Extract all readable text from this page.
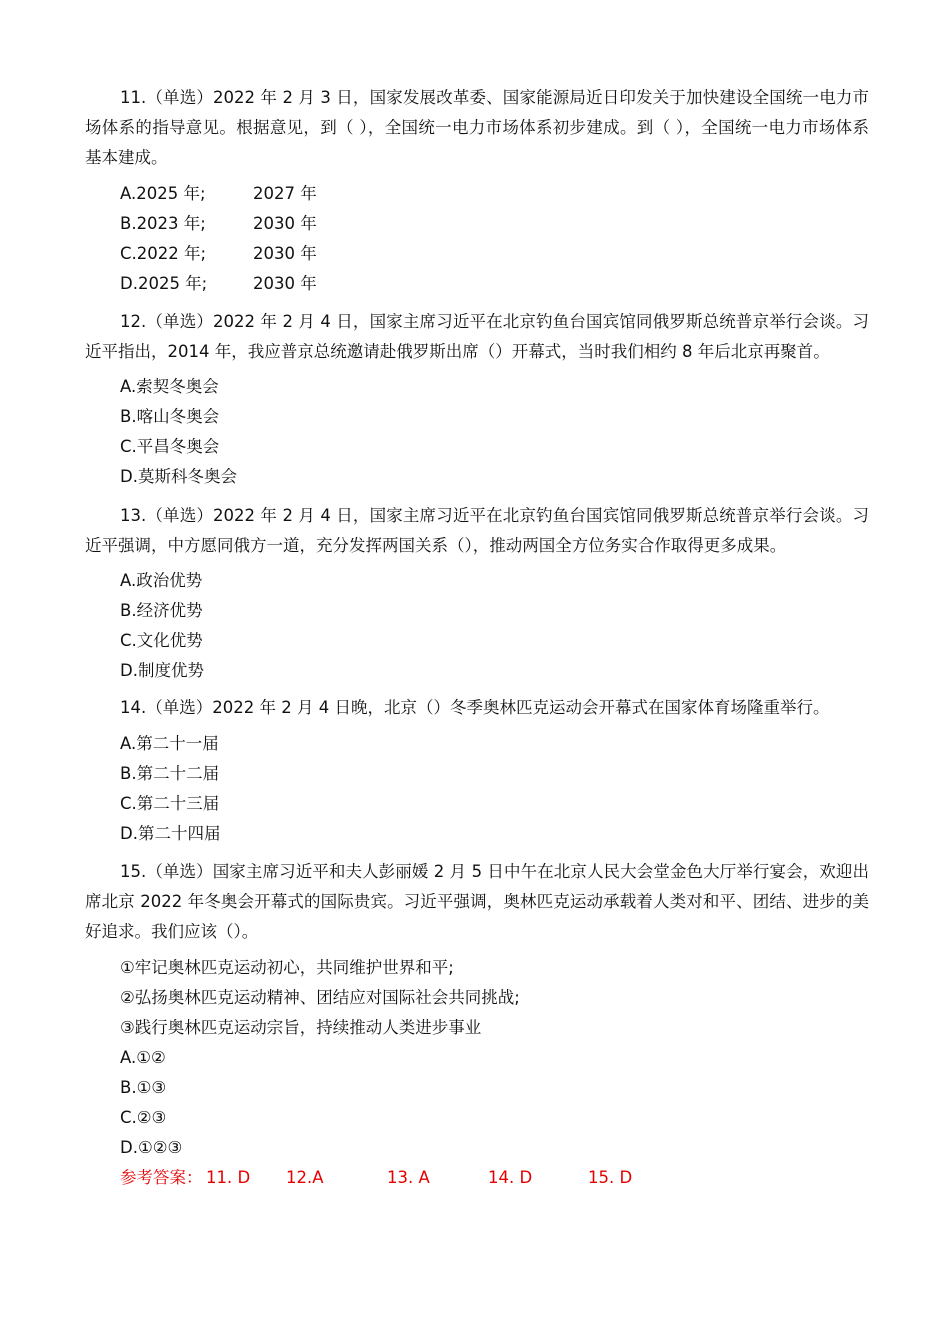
11.（单选）2022 年 2 月 3 日，国家发展改革委、国家能源局近日印发关于加快建设全国统一电力市场体系的指导意见。根据意见，到（ ），全国统一电力市场体系初步建成。到（ ），全国统一电力市场体系基本建成。

A.2025 年;	2027 年
B.2023 年;	2030 年
C.2022 年;	2030 年
D.2025 年;	2030 年

12.（单选）2022 年 2 月 4 日，国家主席习近平在北京钓鱼台国宾馆同俄罗斯总统普京举行会谈。习近平指出，2014 年，我应普京总统邀请赴俄罗斯出席（）开幕式，当时我们相约 8 年后北京再聚首。

A.索契冬奥会
B.喀山冬奥会
C.平昌冬奥会
D.莫斯科冬奥会

13.（单选）2022 年 2 月 4 日，国家主席习近平在北京钓鱼台国宾馆同俄罗斯总统普京举行会谈。习近平强调，中方愿同俄方一道，充分发挥两国关系（），推动两国全方位务实合作取得更多成果。

A.政治优势
B.经济优势
C.文化优势
D.制度优势

14.（单选）2022 年 2 月 4 日晚，北京（）冬季奥林匹克运动会开幕式在国家体育场隆重举行。

A.第二十一届
B.第二十二届
C.第二十三届
D.第二十四届

15.（单选）国家主席习近平和夫人彭丽媛 2 月 5 日中午在北京人民大会堂金色大厅举行宴会，欢迎出席北京 2022 年冬奥会开幕式的国际贵宾。习近平强调，奥林匹克运动承载着人类对和平、团结、进步的美好追求。我们应该（）。

①牢记奥林匹克运动初心，共同维护世界和平;
②弘扬奥林匹克运动精神、团结应对国际社会共同挑战;
③践行奥林匹克运动宗旨，持续推动人类进步事业
A.①②
B.①③
C.②③
D.①②③
参考答案： 11. D 12.A	13. A	14. D	15. D
